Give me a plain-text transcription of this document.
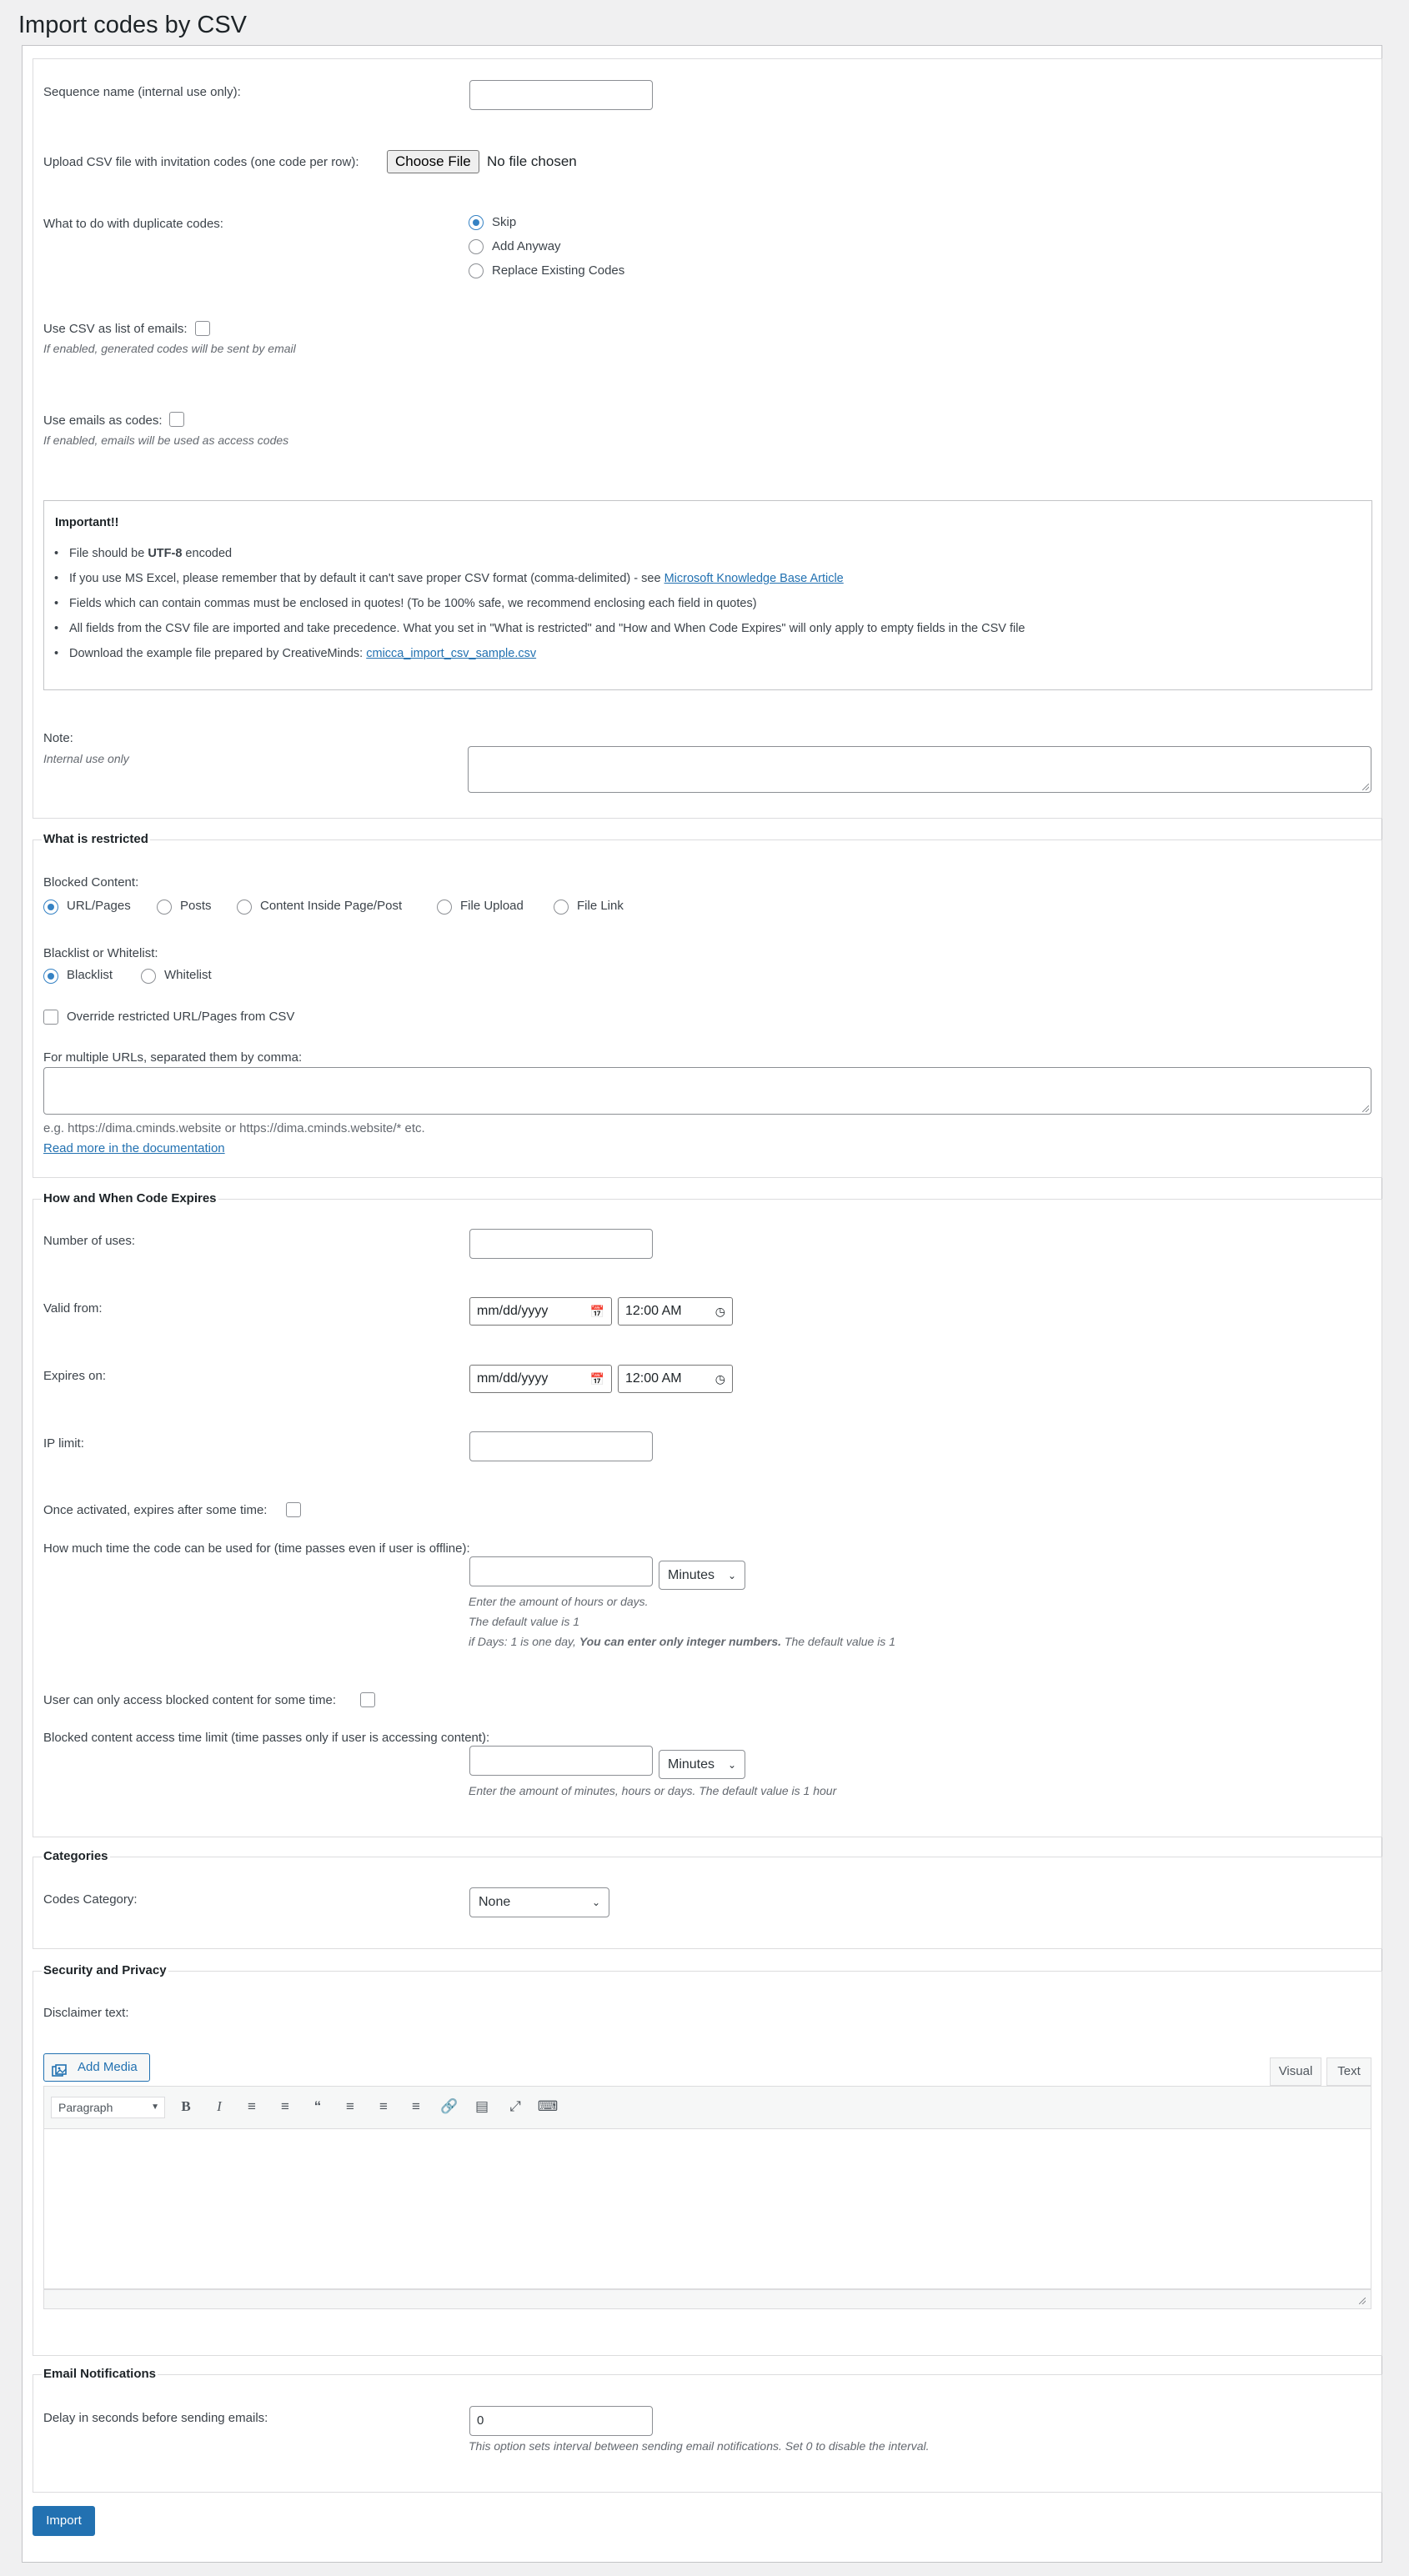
Import codes by CSV
Sequence name (internal use only):
Upload CSV file with invitation codes (one code per row):	Choose File	No file chosen
What to do with duplicate codes:	Skip
Add Anyway
Replace Existing Codes
Use CSV as list of emails:
If enabled, generated codes will be sent by email
Use emails as codes:
If enabled, emails will be used as access codes
Important!!
File should be UTF-8 encoded
If you use MS Excel, please remember that by default it can't save proper CSV format (comma-delimited) - see Microsoft Knowledge Base Article
Fields which can contain commas must be enclosed in quotes! (To be 100% safe, we recommend enclosing each field in quotes)
All fields from the CSV file are imported and take precedence. What you set in "What is restricted" and "How and When Code Expires" will only apply to empty fields in the CSV file
Download the example file prepared by CreativeMinds: cmicca_import_csv_sample.csv
Note:
Internal use only
What is restricted
Blocked Content:
URL/Pages	Posts	Content Inside Page/Post	File Upload	File Link
Blacklist or Whitelist:
Blacklist	Whitelist
Override restricted URL/Pages from CSV
For multiple URLs, separated them by comma:
e.g. https://dima.cminds.website or https://dima.cminds.website/* etc.
Read more in the documentation
How and When Code Expires
Number of uses:
Valid from:	mm/dd/yyyy	📅	12:00 AM	◷
Expires on:	mm/dd/yyyy	📅	12:00 AM	◷
IP limit:
Once activated, expires after some time:
How much time the code can be used for (time passes even if user is offline):
Minutes ⌄
Enter the amount of hours or days.
The default value is 1
if Days: 1 is one day, You can enter only integer numbers. The default value is 1
User can only access blocked content for some time:
Blocked content access time limit (time passes only if user is accessing content):
Minutes ⌄
Enter the amount of minutes, hours or days. The default value is 1 hour
Categories
Codes Category:	None	⌄
Security and Privacy
Disclaimer text:
Add Media	Visual	Text
Paragraph	▼	B	I	≡	≡	“	≡	≡	≡	🔗 ▤	⤢	⌨
Email Notifications
Delay in seconds before sending emails:	0
This option sets interval between sending email notifications. Set 0 to disable the interval.
Import
